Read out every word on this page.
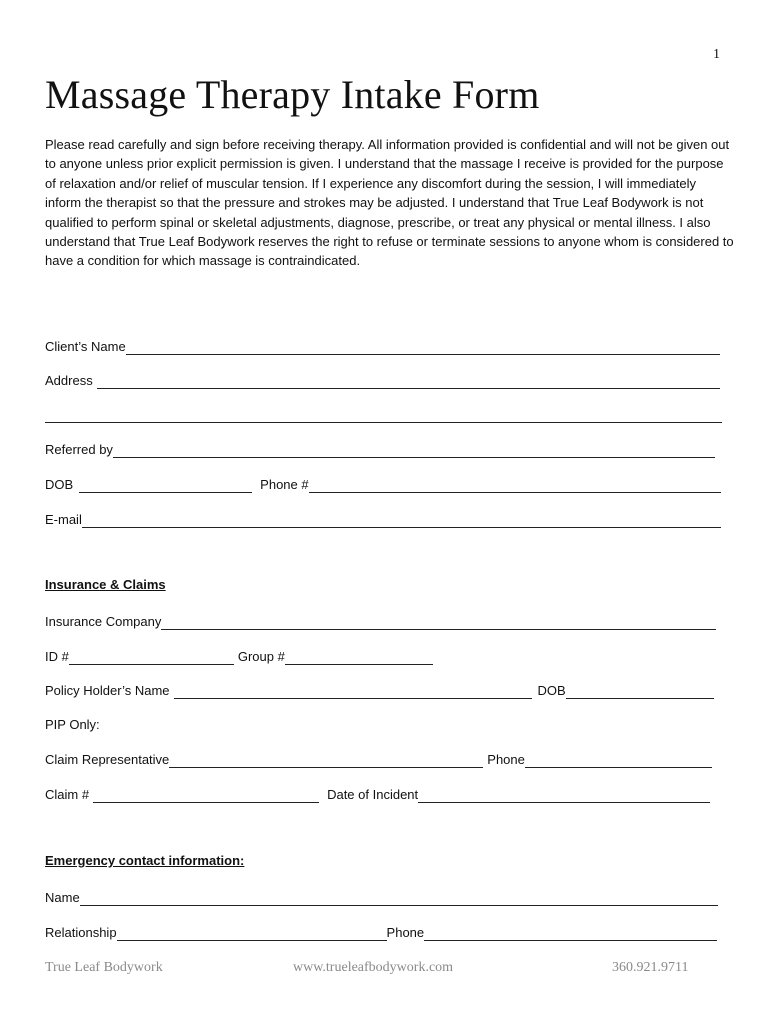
1
Massage Therapy Intake Form

Please read carefully and sign before receiving therapy. All information provided is confidential and will not be given out to anyone unless prior explicit permission is given. I understand that the massage I receive is provided for the purpose of relaxation and/or relief of muscular tension. If I experience any discomfort during the session, I will immediately inform the therapist so that the pressure and strokes may be adjusted. I understand that True Leaf Bodywork is not qualified to perform spinal or skeletal adjustments, diagnose, prescribe, or treat any physical or mental illness. I also understand that True Leaf Bodywork reserves the right to refuse or terminate sessions to anyone whom is considered to have a condition for which massage is contraindicated.

Client’s Name
Address
Referred by
DOB	Phone #
E-mail
Insurance & Claims
Insurance Company
ID #	Group #
Policy Holder’s Name	DOB
PIP Only:
Claim Representative	Phone
Claim #	Date of Incident
Emergency contact information:
Name
Relationship	Phone
True Leaf Bodywork	www.trueleafbodywork.com	360.921.9711
